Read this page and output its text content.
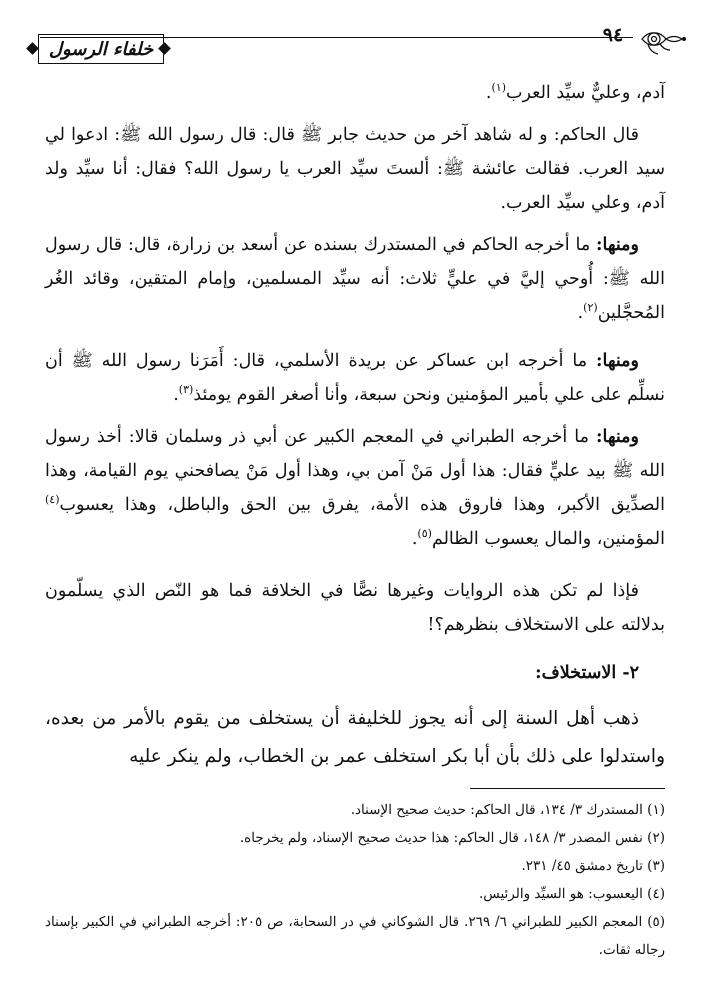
خلفاء الرسول
٩٤

آدم، وعليٌّ سيِّد العرب$^{(١)}$.

قال الحاكم: و له شاهد آخر من حديث جابر ﷺ قال: قال رسول الله ﷺ: ادعوا لي سيد العرب. فقالت عائشة ﷺ: ألستَ سيِّد العرب يا رسول الله؟ فقال: أنا سيِّد ولد آدم، وعلي سيِّد العرب.

ومنها: ما أخرجه الحاكم في المستدرك بسنده عن أسعد بن زرارة، قال: قال رسول الله ﷺ: أُوحي إليَّ في عليٍّ ثلاث: أنه سيِّد المسلمين، وإمام المتقين، وقائد الغُر المُحجَّلين$^{(٢)}$.

ومنها: ما أخرجه ابن عساكر عن بريدة الأسلمي، قال: أَمَرَنا رسول الله ﷺ أن نسلِّم على علي بأمير المؤمنين ونحن سبعة، وأنا أصغر القوم يومئذ$^{(٣)}$.

ومنها: ما أخرجه الطبراني في المعجم الكبير عن أبي ذر وسلمان قالا: أخذ رسول الله ﷺ بيد عليٍّ فقال: هذا أول مَنْ آمن بي، وهذا أول مَنْ يصافحني يوم القيامة، وهذا الصدِّيق الأكبر، وهذا فاروق هذه الأمة، يفرق بين الحق والباطل، وهذا يعسوب$^{(٤)}$ المؤمنين، والمال يعسوب الظالم$^{(٥)}$.

فإذا لم تكن هذه الروايات وغيرها نصًّا في الخلافة فما هو النّص الذي يسلّمون بدلالته على الاستخلاف بنظرهم؟!

٢- الاستخلاف:

ذهب أهل السنة إلى أنه يجوز للخليفة أن يستخلف من يقوم بالأمر من بعده، واستدلوا على ذلك بأن أبا بكر استخلف عمر بن الخطاب، ولم ينكر عليه

(١) المستدرك ٣/ ١٣٤، قال الحاكم: حديث صحيح الإسناد.

(٢) نفس المصدر ٣/ ١٤٨، قال الحاكم: هذا حديث صحيح الإسناد، ولم يخرجاه.

(٣) تاريخ دمشق ٤٥/ ٢٣١.

(٤) اليعسوب: هو السيِّد والرئيس.

(٥) المعجم الكبير للطبراني ٦/ ٢٦٩. قال الشوكاني في در السحابة، ص ٢٠٥: أخرجه الطبراني في الكبير بإسناد رجاله ثقات.
